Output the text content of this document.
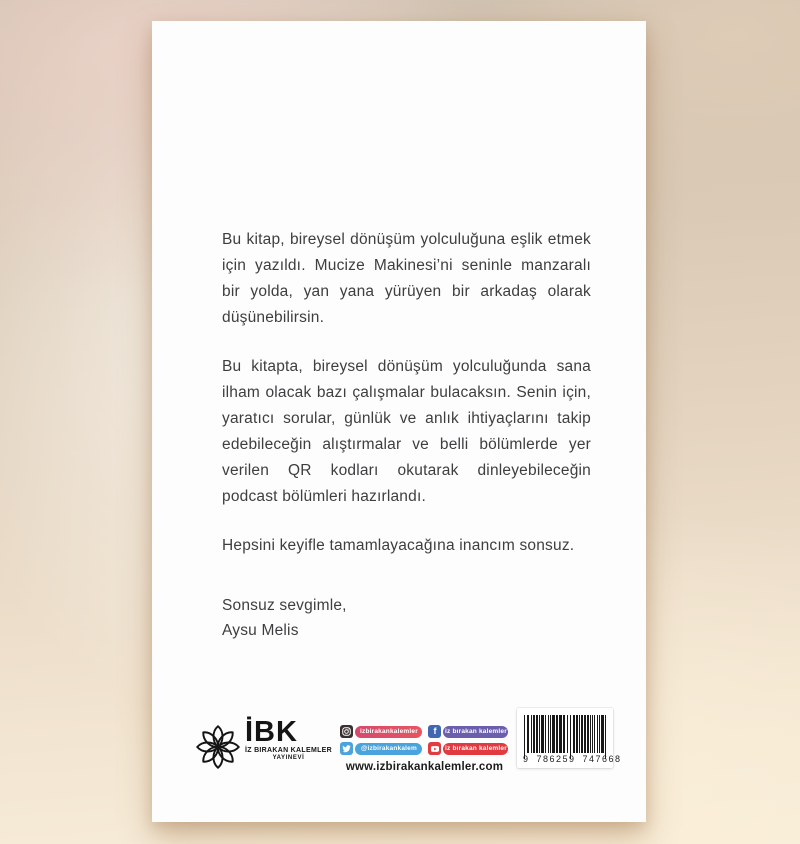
Bu kitap, bireysel dönüşüm yolculuğuna eşlik etmek için yazıldı. Mucize Makinesi’ni seninle manzaralı bir yolda, yan yana yürüyen bir arkadaş olarak düşünebilirsin.

Bu kitapta, bireysel dönüşüm yolculuğunda sana ilham olacak bazı çalışmalar bulacaksın. Senin için, yaratıcı sorular, günlük ve anlık ihtiyaçlarını takip edebileceğin alıştırmalar ve belli bölümlerde yer verilen QR kodları okutarak dinleyebileceğin podcast bölümleri hazırlandı.

Hepsini keyifle tamamlayacağına inancım sonsuz.

Sonsuz sevgimle,
Aysu Melis
İBK
İZ BIRAKAN KALEMLER
YAYINEVİ
izbirakankalemler	f	iz bırakan kalemler
@izbirakankalem	iz bırakan kalemler
www.izbirakankalemler.com
9 786259 747668
